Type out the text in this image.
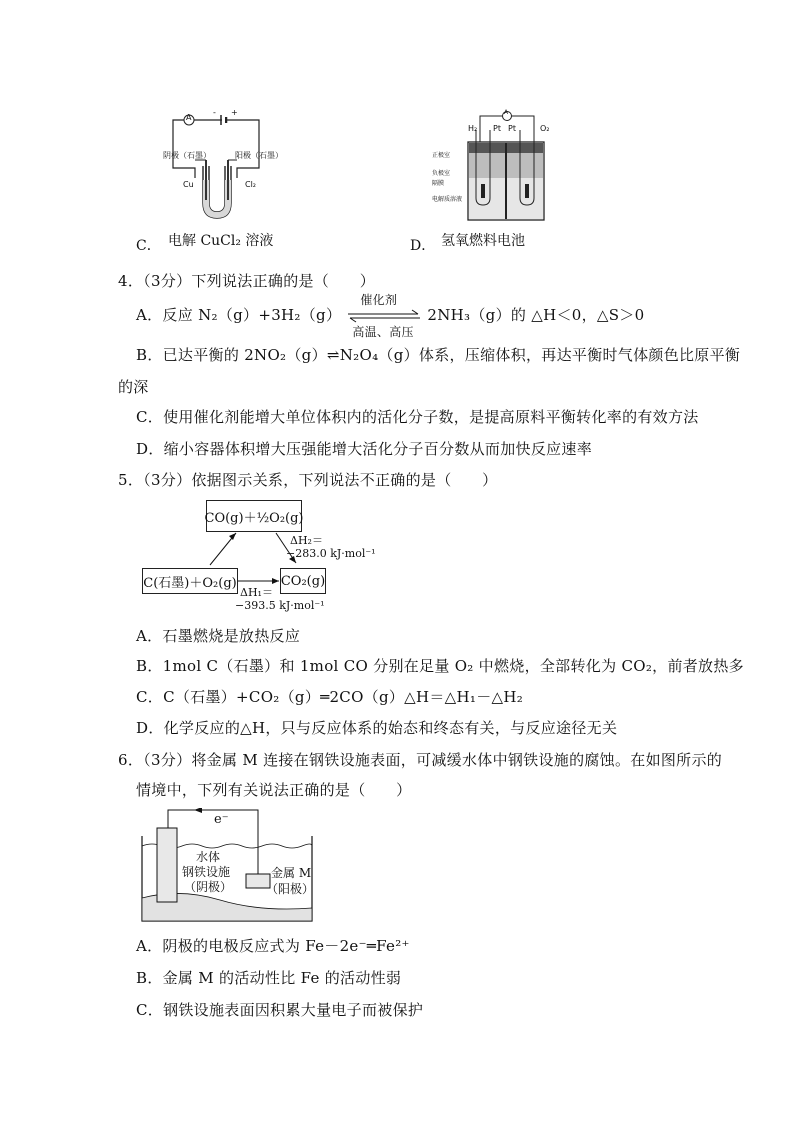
A
- +
阴极（石墨）	阳极（石墨）
Cu	Cl₂
C． 电解 CuCl₂ 溶液
A
H₂ Pt Pt	O₂
正极室
负极室
隔膜
电解质溶液
D． 氢氧燃料电池
4．（3分）下列说法正确的是（　　）
A．反应 N₂（g）+3H₂（g）
催化剂
高温、高压
2NH₃（g）的 △H＜0，△S＞0
B．已达平衡的 2NO₂（g）⇌N₂O₄（g）体系，压缩体积，再达平衡时气体颜色比原平衡
的深
C．使用催化剂能增大单位体积内的活化分子数，是提高原料平衡转化率的有效方法
D．缩小容器体积增大压强能增大活化分子百分数从而加快反应速率
5．（3分）依据图示关系，下列说法不正确的是（　　）
CO(g)＋½O₂(g)
C(石墨)＋O₂(g)	CO₂(g)
ΔH₂＝
−283.0 kJ·mol⁻¹
ΔH₁＝
−393.5 kJ·mol⁻¹
A．石墨燃烧是放热反应
B．1mol C（石墨）和 1mol CO 分别在足量 O₂ 中燃烧，全部转化为 CO₂，前者放热多
C．C（石墨）+CO₂（g）═2CO（g）△H＝△H₁－△H₂
D．化学反应的△H，只与反应体系的始态和终态有关，与反应途径无关
6．（3分）将金属 M 连接在钢铁设施表面，可减缓水体中钢铁设施的腐蚀。在如图所示的
情境中，下列有关说法正确的是（　　）
e⁻
水体
钢铁设施
（阴极）
金属 M
（阳极）
A．阴极的电极反应式为 Fe－2e⁻═Fe²⁺
B．金属 M 的活动性比 Fe 的活动性弱
C．钢铁设施表面因积累大量电子而被保护
